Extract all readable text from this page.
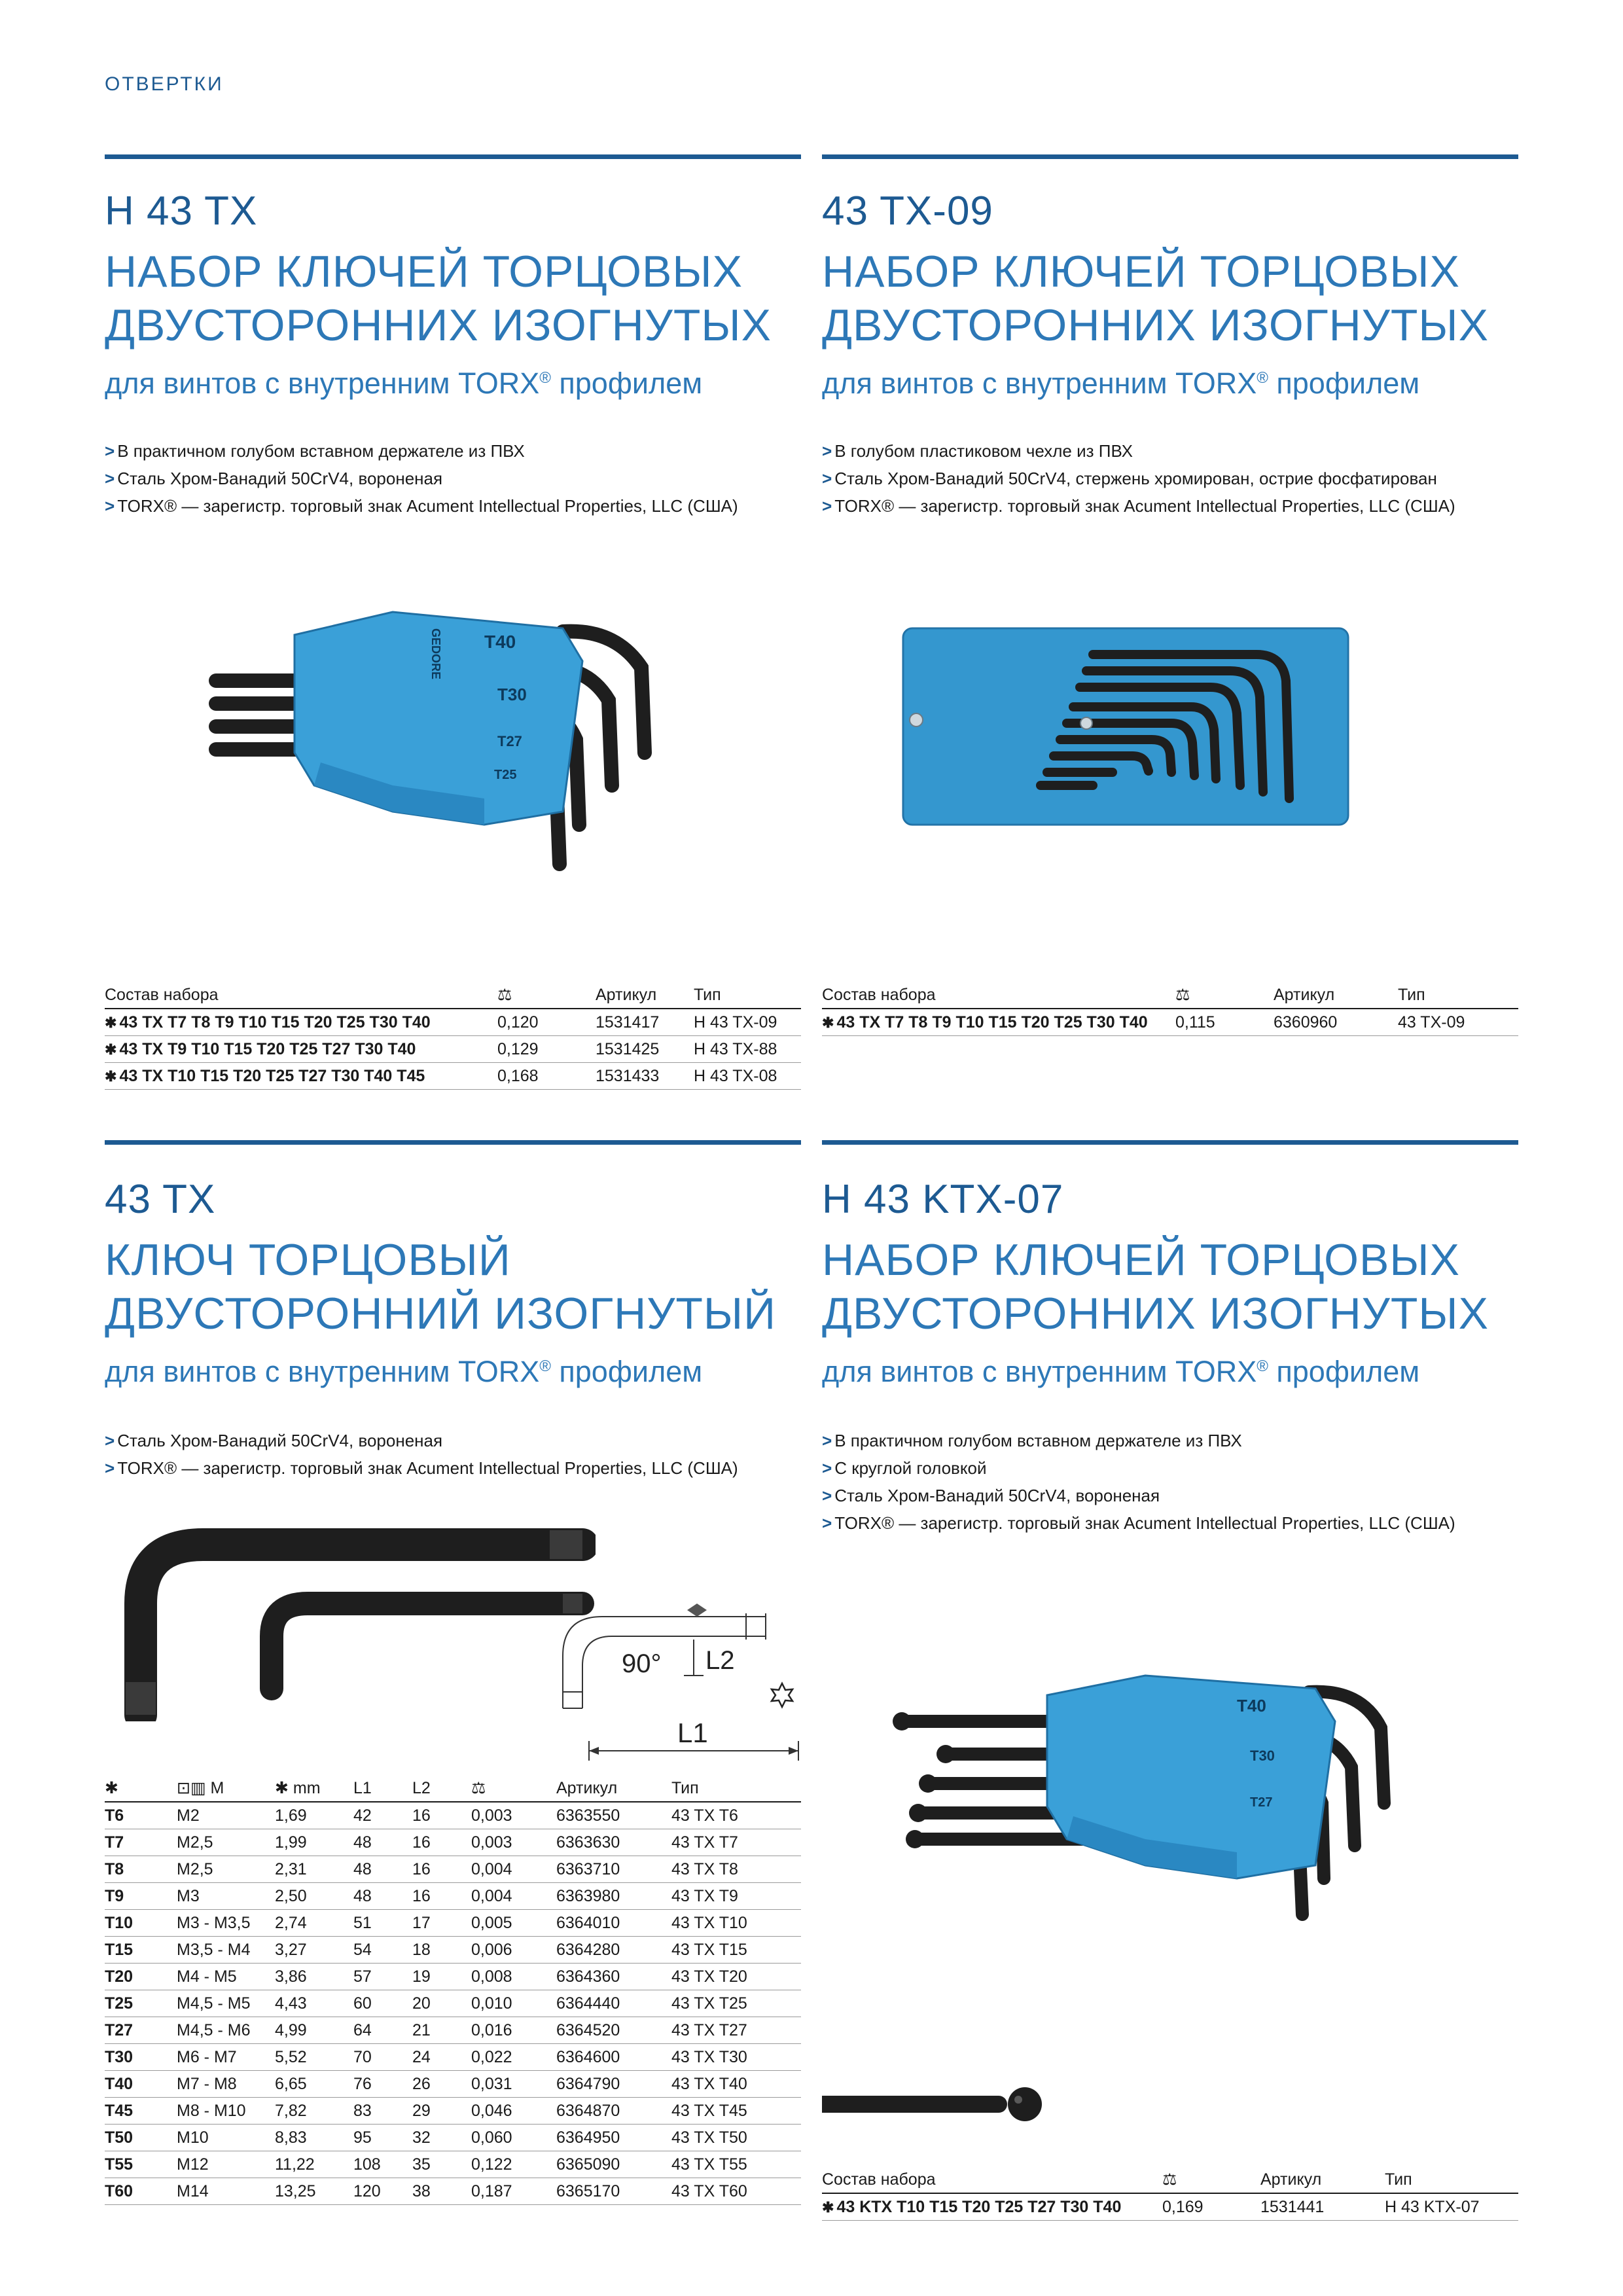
ОТВЕРТКИ
H 43 TX
НАБОР КЛЮЧЕЙ ТОРЦОВЫХ
ДВУСТОРОННИХ ИЗОГНУТЫХ
для винтов с внутренним TORX® профилем
> В практичном голубом вставном держателе из ПВХ
> Сталь Хром-Ванадий 50CrV4, вороненая
> TORX® — зарегистр. торговый знак Acument Intellectual Properties, LLC (США)
T40
T30
T27
T25
GEDORE
Состав набора	⚖	Артикул	Тип
✱ 43 TX T7 T8 T9 T10 T15 T20 T25 T30 T40	0,120	1531417	H 43 TX-09
✱ 43 TX T9 T10 T15 T20 T25 T27 T30 T40	0,129	1531425	H 43 TX-88
✱ 43 TX T10 T15 T20 T25 T27 T30 T40 T45	0,168	1531433	H 43 TX-08
43 TX-09
НАБОР КЛЮЧЕЙ ТОРЦОВЫХ
ДВУСТОРОННИХ ИЗОГНУТЫХ
для винтов с внутренним TORX® профилем
> В голубом пластиковом чехле из ПВХ
> Сталь Хром-Ванадий 50CrV4, стержень хромирован, острие фосфатирован
> TORX® — зарегистр. торговый знак Acument Intellectual Properties, LLC (США)
Состав набора	⚖	Артикул	Тип
✱ 43 TX T7 T8 T9 T10 T15 T20 T25 T30 T40	0,115	6360960	43 TX-09
43 TX
КЛЮЧ ТОРЦОВЫЙ
ДВУСТОРОННИЙ ИЗОГНУТЫЙ
для винтов с внутренним TORX® профилем
> Сталь Хром-Ванадий 50CrV4, вороненая
> TORX® — зарегистр. торговый знак Acument Intellectual Properties, LLC (США)
90° L2
L1
✱	⊡▥ M	✱ mm	L1	L2	⚖	Артикул	Тип
T6	M2	1,69	42	16	0,003	6363550	43 TX T6
T7	M2,5	1,99	48	16	0,003	6363630	43 TX T7
T8	M2,5	2,31	48	16	0,004	6363710	43 TX T8
T9	M3	2,50	48	16	0,004	6363980	43 TX T9
T10	M3 - M3,5	2,74	51	17	0,005	6364010	43 TX T10
T15	M3,5 - M4	3,27	54	18	0,006	6364280	43 TX T15
T20	M4 - M5	3,86	57	19	0,008	6364360	43 TX T20
T25	M4,5 - M5	4,43	60	20	0,010	6364440	43 TX T25
T27	M4,5 - M6	4,99	64	21	0,016	6364520	43 TX T27
T30	M6 - M7	5,52	70	24	0,022	6364600	43 TX T30
T40	M7 - M8	6,65	76	26	0,031	6364790	43 TX T40
T45	M8 - M10	7,82	83	29	0,046	6364870	43 TX T45
T50	M10	8,83	95	32	0,060	6364950	43 TX T50
T55	M12	11,22	108	35	0,122	6365090	43 TX T55
T60	M14	13,25	120	38	0,187	6365170	43 TX T60
H 43 KTX-07
НАБОР КЛЮЧЕЙ ТОРЦОВЫХ
ДВУСТОРОННИХ ИЗОГНУТЫХ
для винтов с внутренним TORX® профилем
> В практичном голубом вставном держателе из ПВХ
> С круглой головкой
> Сталь Хром-Ванадий 50CrV4, вороненая
> TORX® — зарегистр. торговый знак Acument Intellectual Properties, LLC (США)
T40
T30
T27
Состав набора	⚖	Артикул	Тип
✱ 43 KTX T10 T15 T20 T25 T27 T30 T40	0,169	1531441	H 43 KTX-07
